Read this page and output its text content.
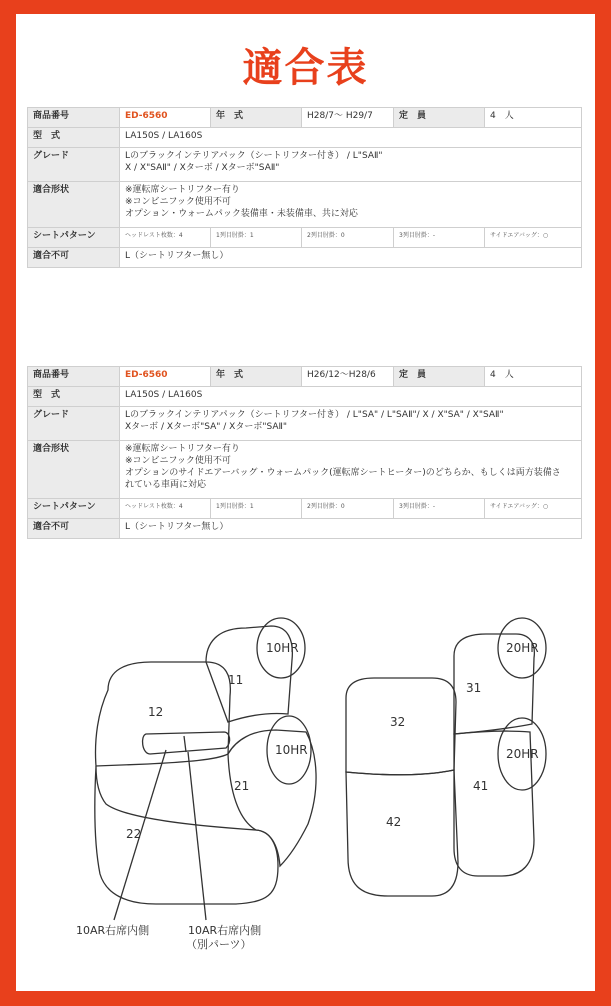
適合表
商品番号	ED-6560	年　式	H28/7〜 H29/7	定　員	4　人
型　式	LA150S / LA160S				
グレード	Lのブラックインテリアパック（シートリフター付き） / L"SAⅡ"
X / X"SAⅡ" / Xターボ / Xターボ"SAⅡ"				

適合形状	※運転席シートリフター有り
※コンビニフック使用不可
オプション・ウォームパック装備車・未装備車、共に対応				

シートパターン	ヘッドレスト枚数：4	1列目肘掛：1	2列目肘掛：0	3列目肘掛：-	サイドエアバッグ：○
適合不可	L（シートリフター無し）				
商品番号	ED-6560	年　式	H26/12〜H28/6	定　員	4　人
型　式	LA150S / LA160S				
グレード	Lのブラックインテリアパック（シートリフター付き） / L"SA" / L"SAⅡ"/ X / X"SA" / X"SAⅡ"
Xターボ / Xターボ"SA" / Xターボ"SAⅡ"				

適合形状	※運転席シートリフター有り
※コンビニフック使用不可
オプションのサイドエアーバッグ・ウォームパック(運転席シートヒーター)のどちらか、もしくは両方装備さ
れている車両に対応				

シートパターン	ヘッドレスト枚数：4	1列目肘掛：1	2列目肘掛：0	3列目肘掛：-	サイドエアバッグ：○
適合不可	L（シートリフター無し）				
10HR
11
12
10HR
21
22
20HR
31
32
20HR
41
42
10AR右席内側	10AR右席内側
（別パーツ）
